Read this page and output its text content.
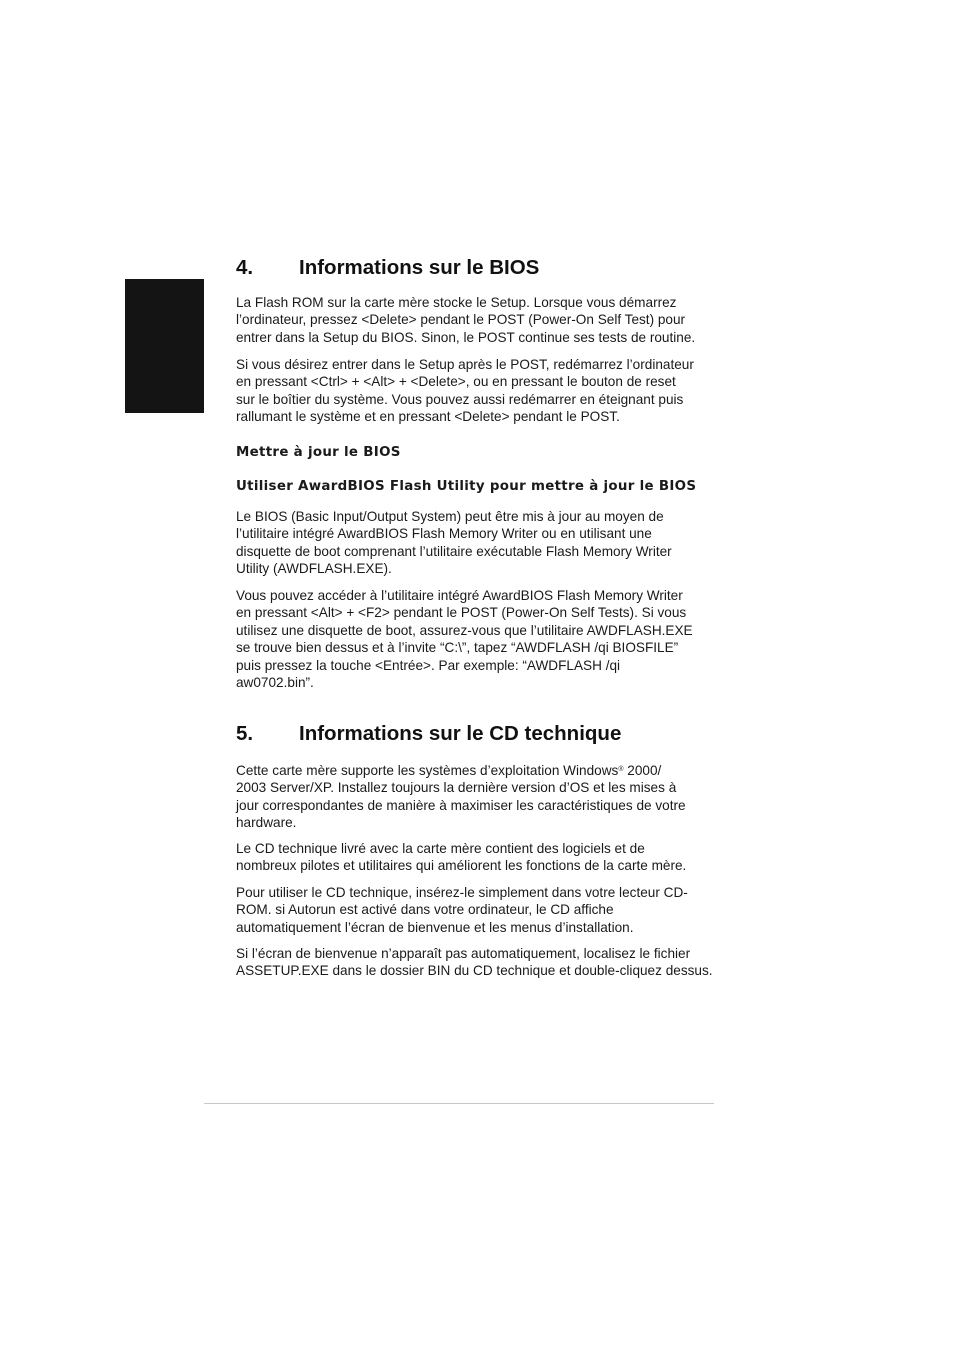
4. Informations sur le BIOS

La Flash ROM sur la carte mère stocke le Setup. Lorsque vous démarrez
l’ordinateur, pressez <Delete> pendant le POST (Power-On Self Test) pour
entrer dans la Setup du BIOS. Sinon, le POST continue ses tests de routine.

Si vous désirez entrer dans le Setup après le POST, redémarrez l’ordinateur
en pressant <Ctrl> + <Alt> + <Delete>, ou en pressant le bouton de reset
sur le boîtier du système. Vous pouvez aussi redémarrer en éteignant puis
rallumant le système et en pressant <Delete> pendant le POST.

Mettre à jour le BIOS
Utiliser AwardBIOS Flash Utility pour mettre à jour le BIOS

Le BIOS (Basic Input/Output System) peut être mis à jour au moyen de
l’utilitaire intégré AwardBIOS Flash Memory Writer ou en utilisant une
disquette de boot comprenant l’utilitaire exécutable Flash Memory Writer
Utility (AWDFLASH.EXE).

Vous pouvez accéder à l’utilitaire intégré AwardBIOS Flash Memory Writer
en pressant <Alt> + <F2> pendant le POST (Power-On Self Tests). Si vous
utilisez une disquette de boot, assurez-vous que l’utilitaire AWDFLASH.EXE
se trouve bien dessus et à l’invite “C:\”, tapez “AWDFLASH /qi BIOSFILE”
puis pressez la touche <Entrée>. Par exemple: “AWDFLASH /qi
aw0702.bin”.

5. Informations sur le CD technique

Cette carte mère supporte les systèmes d’exploitation Windows® 2000/
2003 Server/XP. Installez toujours la dernière version d’OS et les mises à
jour correspondantes de manière à maximiser les caractéristiques de votre
hardware.

Le CD technique livré avec la carte mère contient des logiciels et de
nombreux pilotes et utilitaires qui améliorent les fonctions de la carte mère.

Pour utiliser le CD technique, insérez-le simplement dans votre lecteur CD-
ROM. si Autorun est activé dans votre ordinateur, le CD affiche
automatiquement l’écran de bienvenue et les menus d’installation.

Si l’écran de bienvenue n’apparaît pas automatiquement, localisez le fichier
ASSETUP.EXE dans le dossier BIN du CD technique et double-cliquez dessus.
